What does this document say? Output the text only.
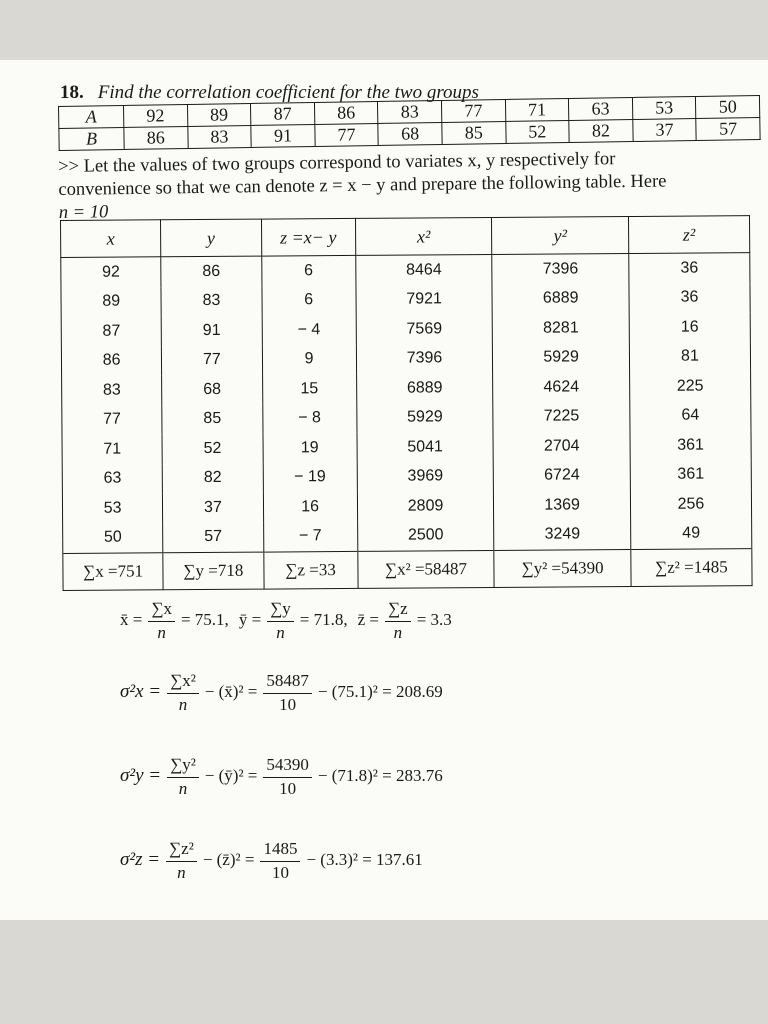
18. Find the correlation coefficient for the two groups
A	92	89	87	86	83	77	71	63	53	50
B	86	83	91	77	68	85	52	82	37	57
>> Let the values of two groups correspond to variates x, y respectively for
convenience so that we can denote z = x − y and prepare the following table. Here
n = 10
x	y	z =x− y	x²	y²	z²
92	86	6	8464	7396	36
89	83	6	7921	6889	36
87	91	− 4	7569	8281	16
86	77	9	7396	5929	81
83	68	15	6889	4624	225
77	85	− 8	5929	7225	64
71	52	19	5041	2704	361
63	82	− 19	3969	6724	361
53	37	16	2809	1369	256
50	57	− 7	2500	3249	49
∑x =751	∑y =718	∑z =33	∑x² =58487	∑y² =54390	∑z² =1485
x̄ = $\frac{\sum x}{n} = 75.1$, ȳ = $\frac{\sum y}{n} = 71.8$, z̄ = $\frac{\sum z}{n} = 3.3$
$\sigma^2x = \frac{\text{∑x²}}{n}$ − (x̄)² = $\frac{58487}{10} - (75.1)^2 = 208.69$
$\sigma^2y = \frac{\text{∑y²}}{n}$ − (ȳ)² = $\frac{54390}{10} - (71.8)^2 = 283.76$
$\sigma^2z = \frac{\text{∑z²}}{n}$ − (z̄)² = $\frac{1485}{10} - (3.3)^2 = 137.61$
